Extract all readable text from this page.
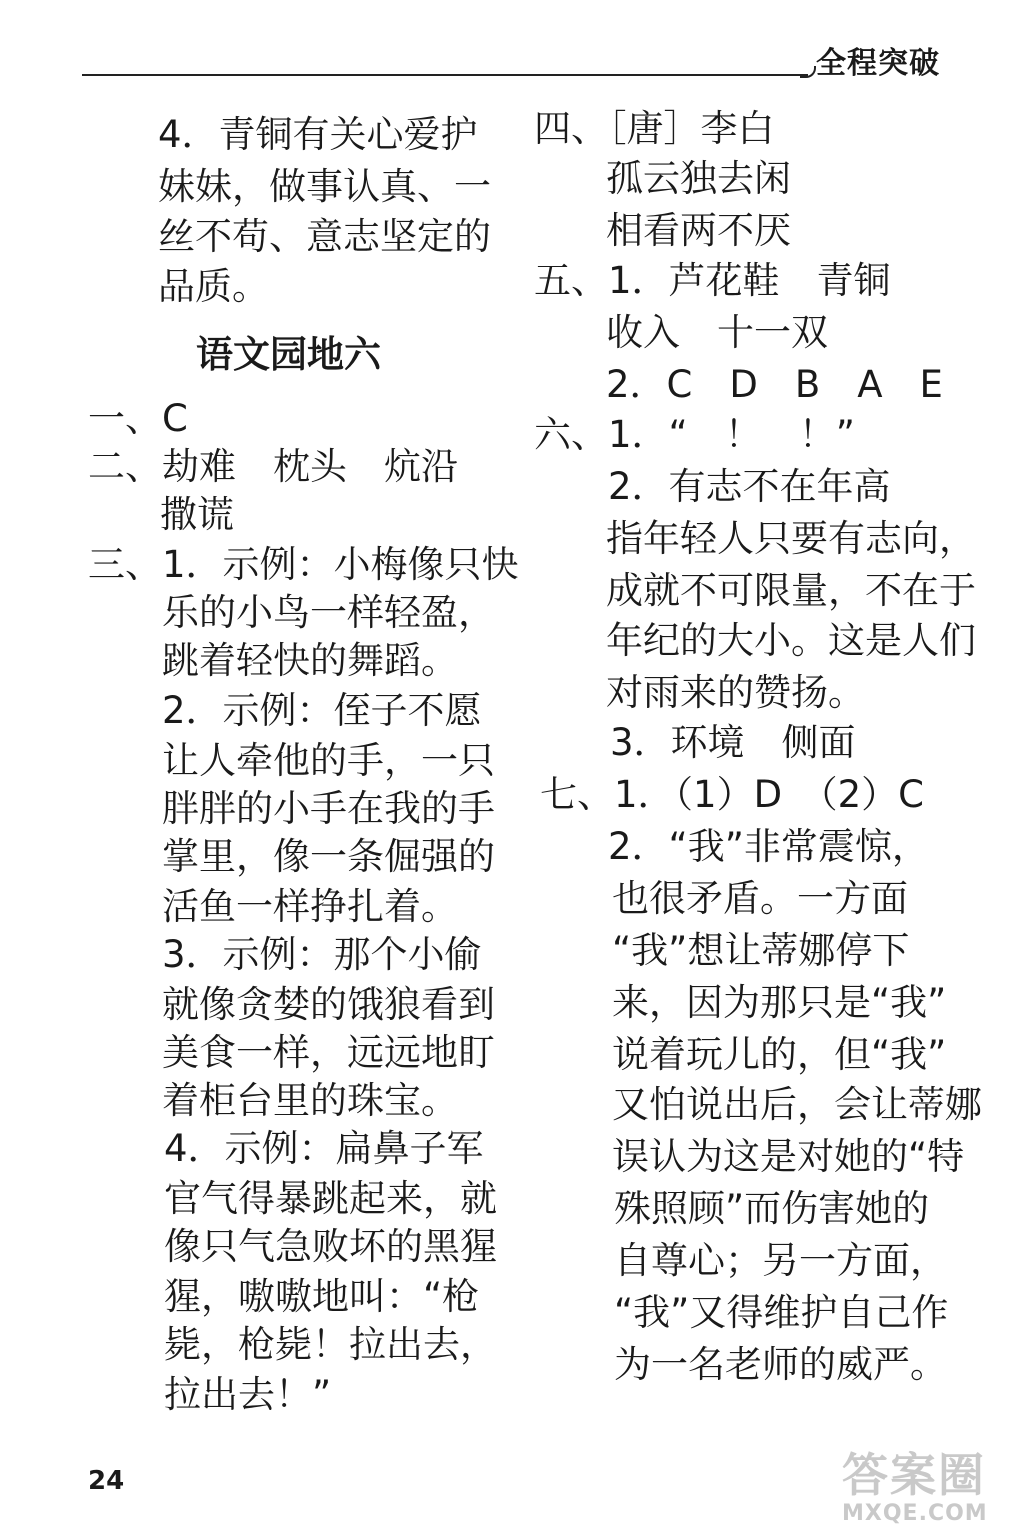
全程突破
4．青铜有关心爱护
妹妹，做事认真、一
丝不苟、意志坚定的
品质。
语文园地六
一、C
二、劫难　枕头　炕沿
撒谎
三、1．示例：小梅像只快
乐的小鸟一样轻盈，
跳着轻快的舞蹈。
2．示例：侄子不愿
让人牵他的手，一只
胖胖的小手在我的手
掌里，像一条倔强的
活鱼一样挣扎着。
3．示例：那个小偷
就像贪婪的饿狼看到
美食一样，远远地盯
着柜台里的珠宝。
4．示例：扁鼻子军
官气得暴跳起来，就
像只气急败坏的黑猩
猩，嗷嗷地叫：“枪
毙，枪毙！拉出去，
拉出去！”
四、［唐］李白
孤云独去闲
相看两不厌
五、1．芦花鞋　青铜
收入　十一双
2．C　D　B　A　E
六、1．“　！　！”
2．有志不在年高
指年轻人只要有志向，
成就不可限量，不在于
年纪的大小。这是人们
对雨来的赞扬。
3．环境　侧面
七、1．（1）D　（2）C
2．“我”非常震惊，
也很矛盾。一方面
“我”想让蒂娜停下
来，因为那只是“我”
说着玩儿的，但“我”
又怕说出后，会让蒂娜
误认为这是对她的“特
殊照顾”而伤害她的
自尊心；另一方面，
“我”又得维护自己作
为一名老师的威严。
24	答案圈
MXQE.COM
